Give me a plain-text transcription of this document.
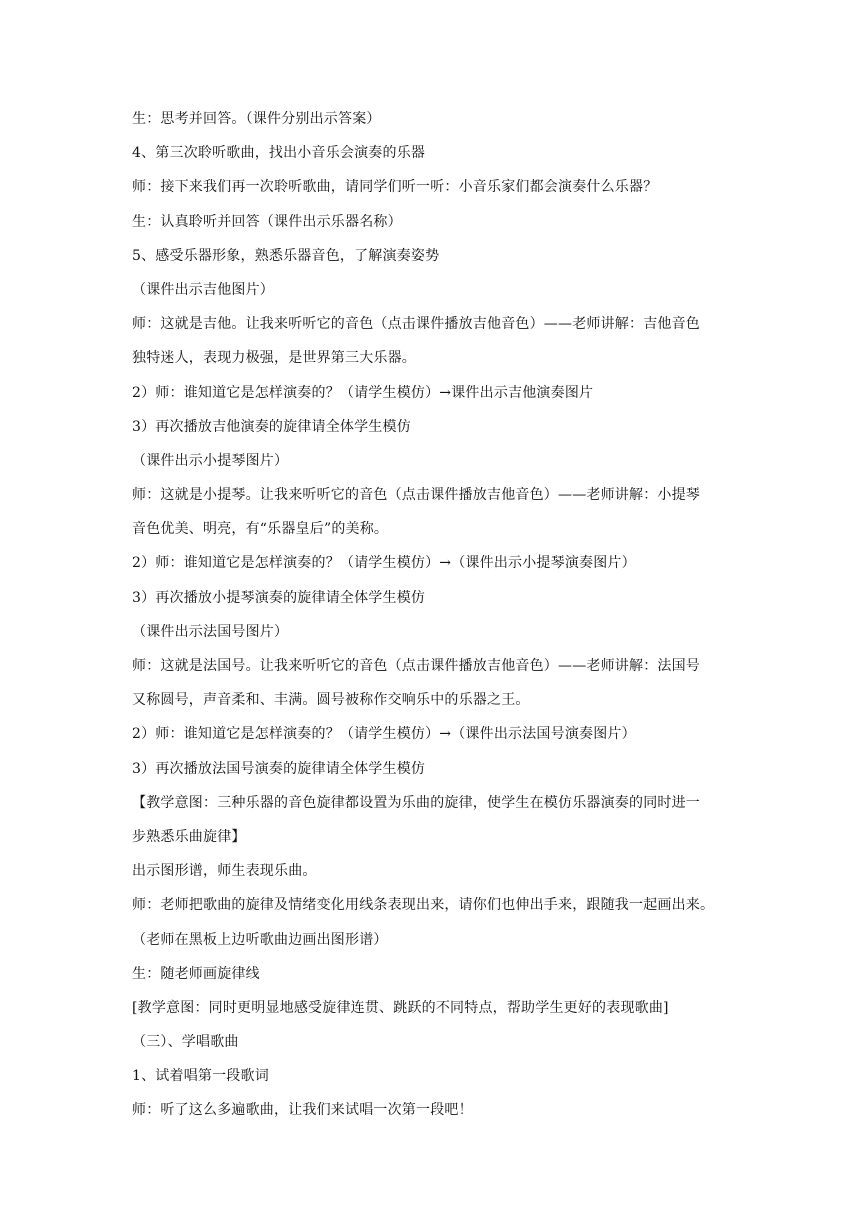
生：思考并回答。（课件分别出示答案）
4、第三次聆听歌曲，找出小音乐会演奏的乐器
师：接下来我们再一次聆听歌曲，请同学们听一听：小音乐家们都会演奏什么乐器？
生：认真聆听并回答（课件出示乐器名称）
5、感受乐器形象，熟悉乐器音色，了解演奏姿势
（课件出示吉他图片）
师：这就是吉他。让我来听听它的音色（点击课件播放吉他音色）——老师讲解：吉他音色
独特迷人，表现力极强，是世界第三大乐器。
2）师：谁知道它是怎样演奏的？（请学生模仿）→课件出示吉他演奏图片
3）再次播放吉他演奏的旋律请全体学生模仿
（课件出示小提琴图片）
师：这就是小提琴。让我来听听它的音色（点击课件播放吉他音色）——老师讲解：小提琴
音色优美、明亮，有“乐器皇后”的美称。
2）师：谁知道它是怎样演奏的？（请学生模仿）→（课件出示小提琴演奏图片）
3）再次播放小提琴演奏的旋律请全体学生模仿
（课件出示法国号图片）
师：这就是法国号。让我来听听它的音色（点击课件播放吉他音色）——老师讲解：法国号
又称圆号，声音柔和、丰满。圆号被称作交响乐中的乐器之王。
2）师：谁知道它是怎样演奏的？（请学生模仿）→（课件出示法国号演奏图片）
3）再次播放法国号演奏的旋律请全体学生模仿
【教学意图：三种乐器的音色旋律都设置为乐曲的旋律，使学生在模仿乐器演奏的同时进一
步熟悉乐曲旋律】
出示图形谱，师生表现乐曲。
师：老师把歌曲的旋律及情绪变化用线条表现出来，请你们也伸出手来，跟随我一起画出来。
（老师在黑板上边听歌曲边画出图形谱）
生：随老师画旋律线
[教学意图：同时更明显地感受旋律连贯、跳跃的不同特点，帮助学生更好的表现歌曲]
（三）、学唱歌曲
1、试着唱第一段歌词
师：听了这么多遍歌曲，让我们来试唱一次第一段吧！
